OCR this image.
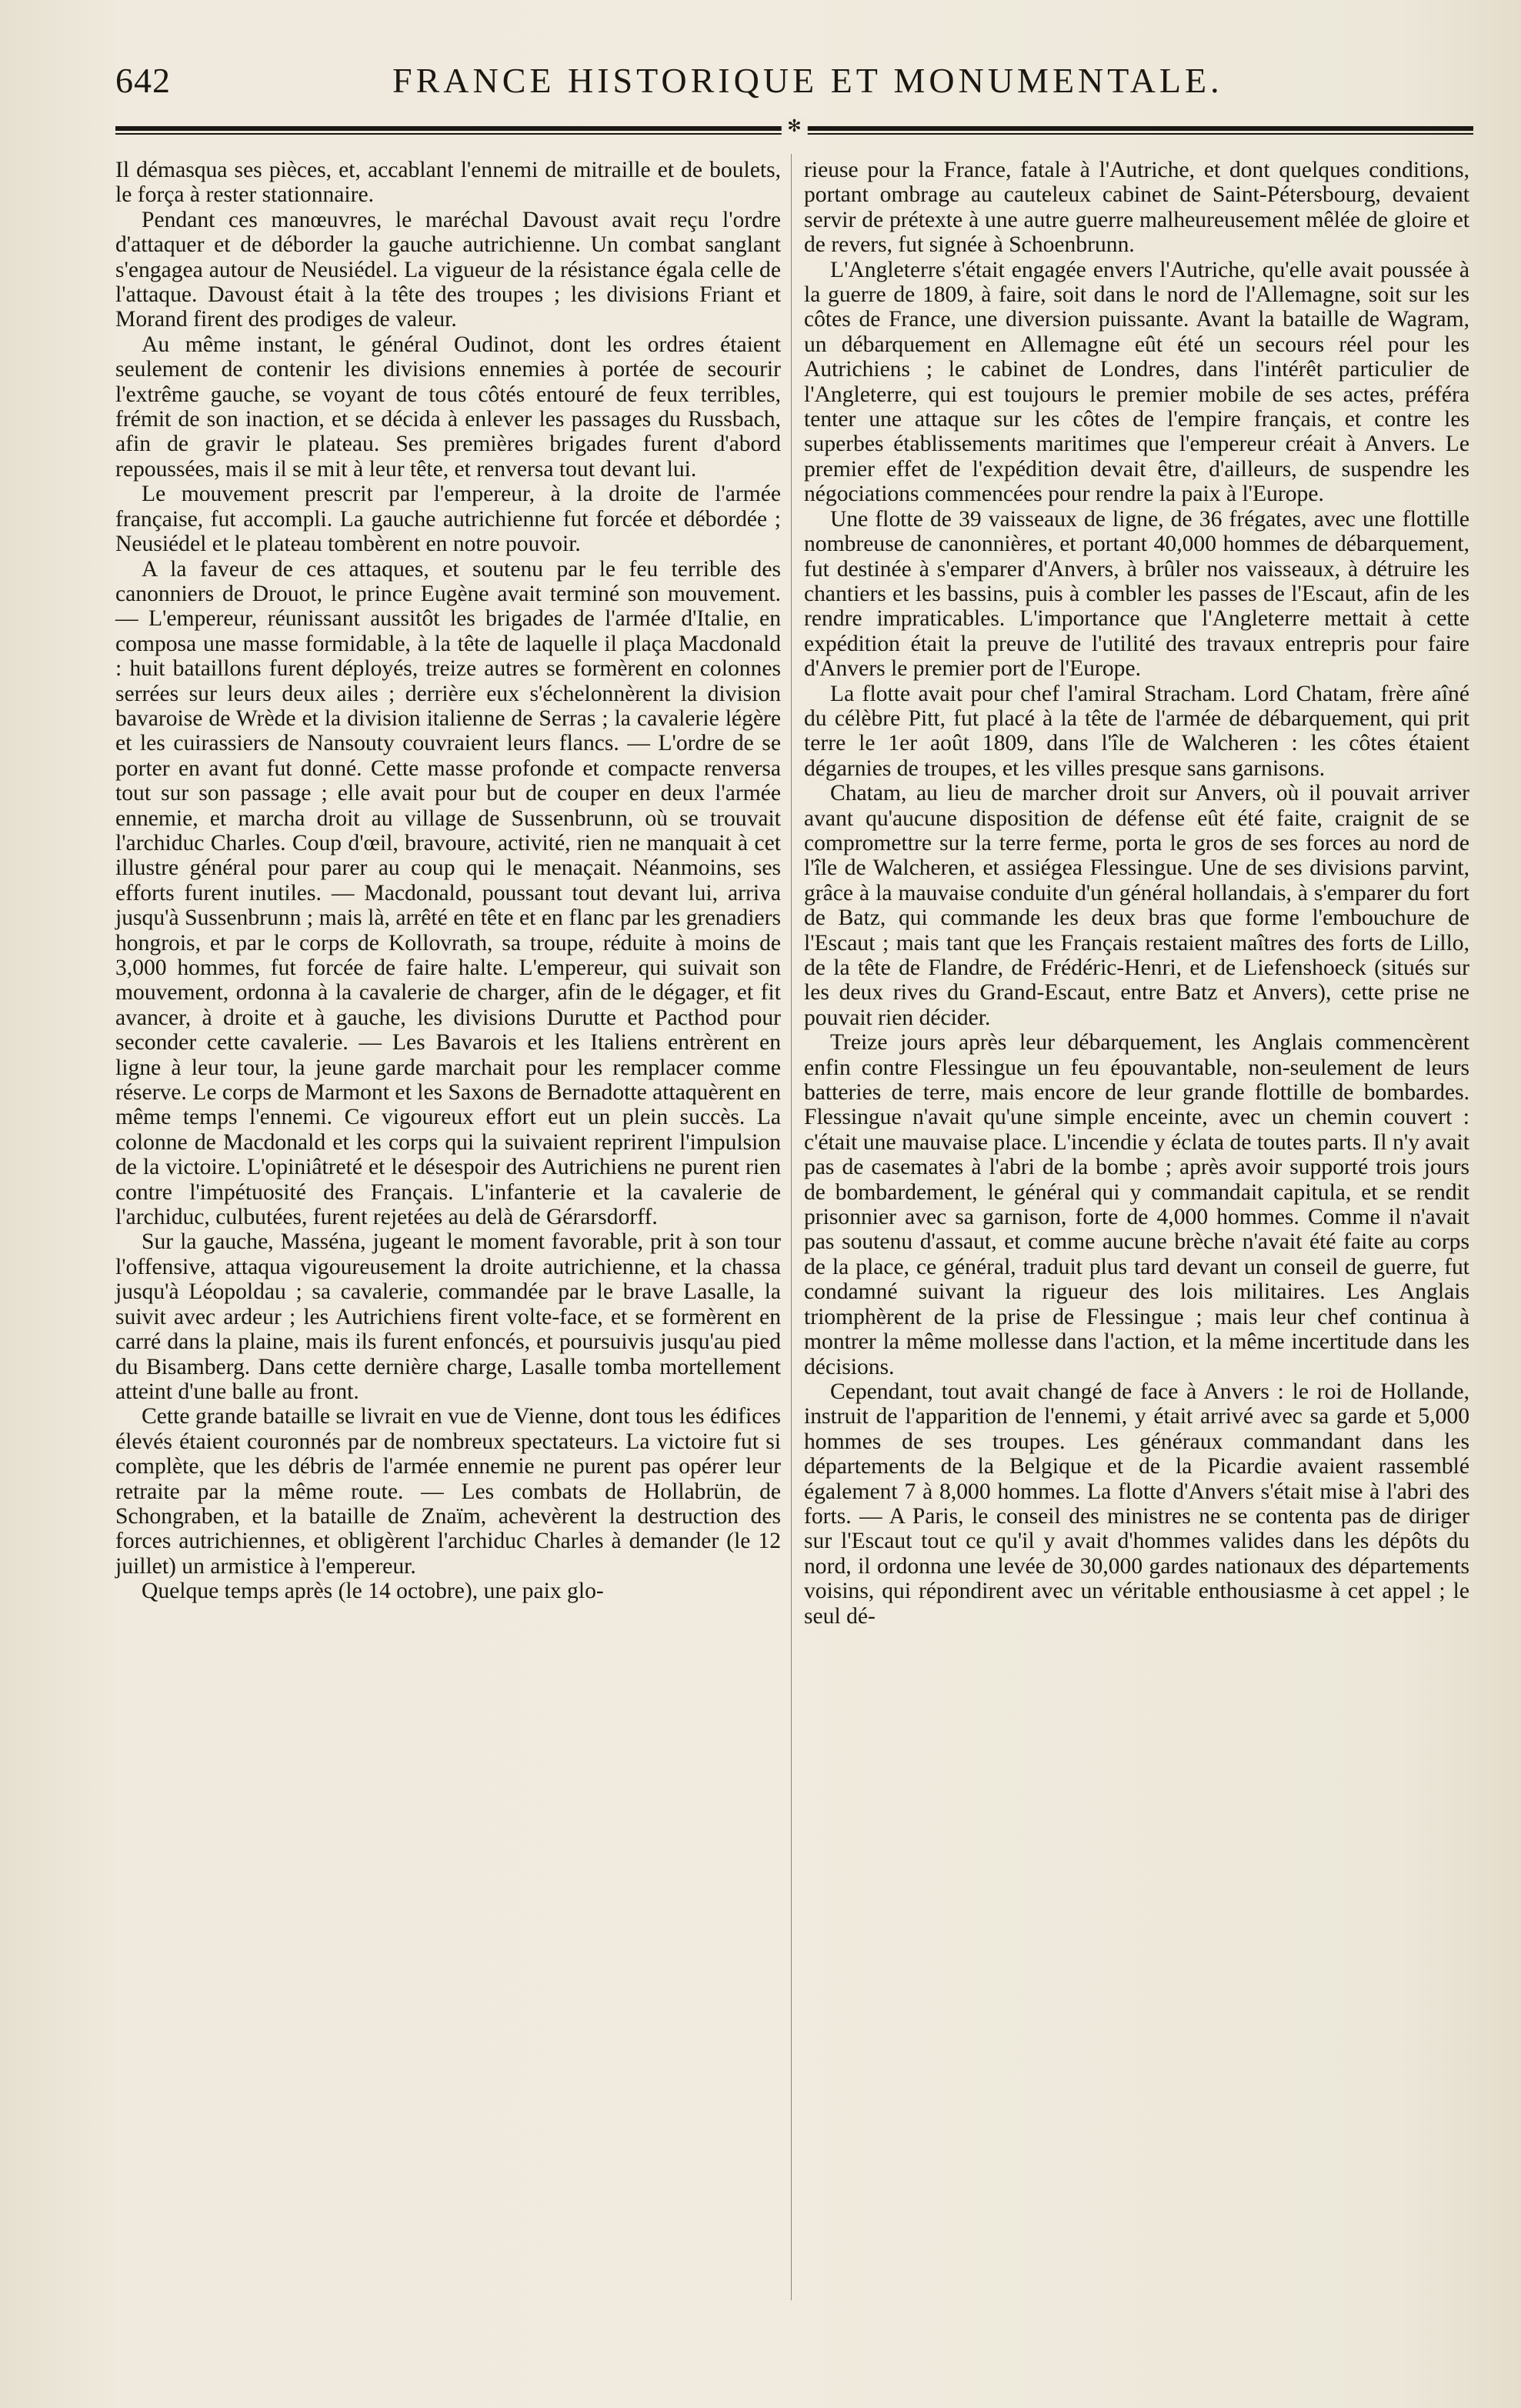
642	FRANCE HISTORIQUE ET MONUMENTALE.
✻

Il démasqua ses pièces, et, accablant l'ennemi de mitraille et de boulets, le força à rester stationnaire.

Pendant ces manœuvres, le maréchal Davoust avait reçu l'ordre d'attaquer et de déborder la gauche autrichienne. Un combat sanglant s'engagea autour de Neusiédel. La vigueur de la résistance égala celle de l'attaque. Davoust était à la tête des troupes ; les divisions Friant et Morand firent des prodiges de valeur.

Au même instant, le général Oudinot, dont les ordres étaient seulement de contenir les divisions ennemies à portée de secourir l'extrême gauche, se voyant de tous côtés entouré de feux terribles, frémit de son inaction, et se décida à enlever les passages du Russbach, afin de gravir le plateau. Ses premières brigades furent d'abord repoussées, mais il se mit à leur tête, et renversa tout devant lui.

Le mouvement prescrit par l'empereur, à la droite de l'armée française, fut accompli. La gauche autrichienne fut forcée et débordée ; Neusiédel et le plateau tombèrent en notre pouvoir.

A la faveur de ces attaques, et soutenu par le feu terrible des canonniers de Drouot, le prince Eugène avait terminé son mouvement. — L'empereur, réunissant aussitôt les brigades de l'armée d'Italie, en composa une masse formidable, à la tête de laquelle il plaça Macdonald : huit bataillons furent déployés, treize autres se formèrent en colonnes serrées sur leurs deux ailes ; derrière eux s'échelonnèrent la division bavaroise de Wrède et la division italienne de Serras ; la cavalerie légère et les cuirassiers de Nansouty couvraient leurs flancs. — L'ordre de se porter en avant fut donné. Cette masse profonde et compacte renversa tout sur son passage ; elle avait pour but de couper en deux l'armée ennemie, et marcha droit au village de Sussenbrunn, où se trouvait l'archiduc Charles. Coup d'œil, bravoure, activité, rien ne manquait à cet illustre général pour parer au coup qui le menaçait. Néanmoins, ses efforts furent inutiles. — Macdonald, poussant tout devant lui, arriva jusqu'à Sussenbrunn ; mais là, arrêté en tête et en flanc par les grenadiers hongrois, et par le corps de Kollovrath, sa troupe, réduite à moins de 3,000 hommes, fut forcée de faire halte. L'empereur, qui suivait son mouvement, ordonna à la cavalerie de charger, afin de le dégager, et fit avancer, à droite et à gauche, les divisions Durutte et Pacthod pour seconder cette cavalerie. — Les Bavarois et les Italiens entrèrent en ligne à leur tour, la jeune garde marchait pour les remplacer comme réserve. Le corps de Marmont et les Saxons de Bernadotte attaquèrent en même temps l'ennemi. Ce vigoureux effort eut un plein succès. La colonne de Macdonald et les corps qui la suivaient reprirent l'impulsion de la victoire. L'opiniâtreté et le désespoir des Autrichiens ne purent rien contre l'impétuosité des Français. L'infanterie et la cavalerie de l'archiduc, culbutées, furent rejetées au delà de Gérarsdorff.

Sur la gauche, Masséna, jugeant le moment favorable, prit à son tour l'offensive, attaqua vigoureusement la droite autrichienne, et la chassa jusqu'à Léopoldau ; sa cavalerie, commandée par le brave Lasalle, la suivit avec ardeur ; les Autrichiens firent volte-face, et se formèrent en carré dans la plaine, mais ils furent enfoncés, et poursuivis jusqu'au pied du Bisamberg. Dans cette dernière charge, Lasalle tomba mortellement atteint d'une balle au front.

Cette grande bataille se livrait en vue de Vienne, dont tous les édifices élevés étaient couronnés par de nombreux spectateurs. La victoire fut si complète, que les débris de l'armée ennemie ne purent pas opérer leur retraite par la même route. — Les combats de Hollabrün, de Schongraben, et la bataille de Znaïm, achevèrent la destruction des forces autrichiennes, et obligèrent l'archiduc Charles à demander (le 12 juillet) un armistice à l'empereur.

Quelque temps après (le 14 octobre), une paix glo-

rieuse pour la France, fatale à l'Autriche, et dont quelques conditions, portant ombrage au cauteleux cabinet de Saint-Pétersbourg, devaient servir de prétexte à une autre guerre malheureusement mêlée de gloire et de revers, fut signée à Schoenbrunn.

L'Angleterre s'était engagée envers l'Autriche, qu'elle avait poussée à la guerre de 1809, à faire, soit dans le nord de l'Allemagne, soit sur les côtes de France, une diversion puissante. Avant la bataille de Wagram, un débarquement en Allemagne eût été un secours réel pour les Autrichiens ; le cabinet de Londres, dans l'intérêt particulier de l'Angleterre, qui est toujours le premier mobile de ses actes, préféra tenter une attaque sur les côtes de l'empire français, et contre les superbes établissements maritimes que l'empereur créait à Anvers. Le premier effet de l'expédition devait être, d'ailleurs, de suspendre les négociations commencées pour rendre la paix à l'Europe.

Une flotte de 39 vaisseaux de ligne, de 36 frégates, avec une flottille nombreuse de canonnières, et portant 40,000 hommes de débarquement, fut destinée à s'emparer d'Anvers, à brûler nos vaisseaux, à détruire les chantiers et les bassins, puis à combler les passes de l'Escaut, afin de les rendre impraticables. L'importance que l'Angleterre mettait à cette expédition était la preuve de l'utilité des travaux entrepris pour faire d'Anvers le premier port de l'Europe.

La flotte avait pour chef l'amiral Stracham. Lord Chatam, frère aîné du célèbre Pitt, fut placé à la tête de l'armée de débarquement, qui prit terre le 1er août 1809, dans l'île de Walcheren : les côtes étaient dégarnies de troupes, et les villes presque sans garnisons.

Chatam, au lieu de marcher droit sur Anvers, où il pouvait arriver avant qu'aucune disposition de défense eût été faite, craignit de se compromettre sur la terre ferme, porta le gros de ses forces au nord de l'île de Walcheren, et assiégea Flessingue. Une de ses divisions parvint, grâce à la mauvaise conduite d'un général hollandais, à s'emparer du fort de Batz, qui commande les deux bras que forme l'embouchure de l'Escaut ; mais tant que les Français restaient maîtres des forts de Lillo, de la tête de Flandre, de Frédéric-Henri, et de Liefenshoeck (situés sur les deux rives du Grand-Escaut, entre Batz et Anvers), cette prise ne pouvait rien décider.

Treize jours après leur débarquement, les Anglais commencèrent enfin contre Flessingue un feu épouvantable, non-seulement de leurs batteries de terre, mais encore de leur grande flottille de bombardes. Flessingue n'avait qu'une simple enceinte, avec un chemin couvert : c'était une mauvaise place. L'incendie y éclata de toutes parts. Il n'y avait pas de casemates à l'abri de la bombe ; après avoir supporté trois jours de bombardement, le général qui y commandait capitula, et se rendit prisonnier avec sa garnison, forte de 4,000 hommes. Comme il n'avait pas soutenu d'assaut, et comme aucune brèche n'avait été faite au corps de la place, ce général, traduit plus tard devant un conseil de guerre, fut condamné suivant la rigueur des lois militaires. Les Anglais triomphèrent de la prise de Flessingue ; mais leur chef continua à montrer la même mollesse dans l'action, et la même incertitude dans les décisions.

Cependant, tout avait changé de face à Anvers : le roi de Hollande, instruit de l'apparition de l'ennemi, y était arrivé avec sa garde et 5,000 hommes de ses troupes. Les généraux commandant dans les départements de la Belgique et de la Picardie avaient rassemblé également 7 à 8,000 hommes. La flotte d'Anvers s'était mise à l'abri des forts. — A Paris, le conseil des ministres ne se contenta pas de diriger sur l'Escaut tout ce qu'il y avait d'hommes valides dans les dépôts du nord, il ordonna une levée de 30,000 gardes nationaux des départements voisins, qui répondirent avec un véritable enthousiasme à cet appel ; le seul dé-
